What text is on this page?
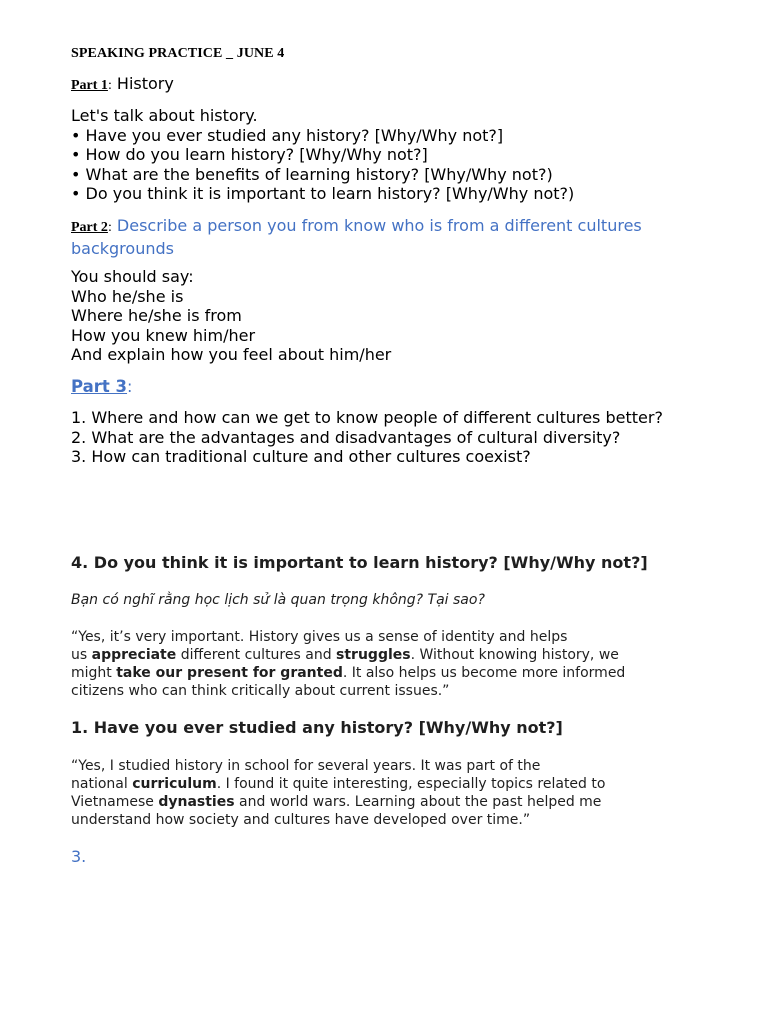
SPEAKING PRACTICE _ JUNE 4
Part 1: History
Let's talk about history.
• Have you ever studied any history? [Why/Why not?]
• How do you learn history? [Why/Why not?]
• What are the benefits of learning history? [Why/Why not?)
• Do you think it is important to learn history? [Why/Why not?)
Part 2: Describe a person you from know who is from a different cultures
backgrounds
You should say:
Who he/she is
Where he/she is from
How you knew him/her
And explain how you feel about him/her
Part 3:
1. Where and how can we get to know people of different cultures better?
2. What are the advantages and disadvantages of cultural diversity?
3. How can traditional culture and other cultures coexist?
4. Do you think it is important to learn history? [Why/Why not?]
Bạn có nghĩ rằng học lịch sử là quan trọng không? Tại sao?
“Yes, it’s very important. History gives us a sense of identity and helps
us appreciate different cultures and struggles. Without knowing history, we
might take our present for granted. It also helps us become more informed
citizens who can think critically about current issues.”
1. Have you ever studied any history? [Why/Why not?]
“Yes, I studied history in school for several years. It was part of the
national curriculum. I found it quite interesting, especially topics related to
Vietnamese dynasties and world wars. Learning about the past helped me
understand how society and cultures have developed over time.”
3.
